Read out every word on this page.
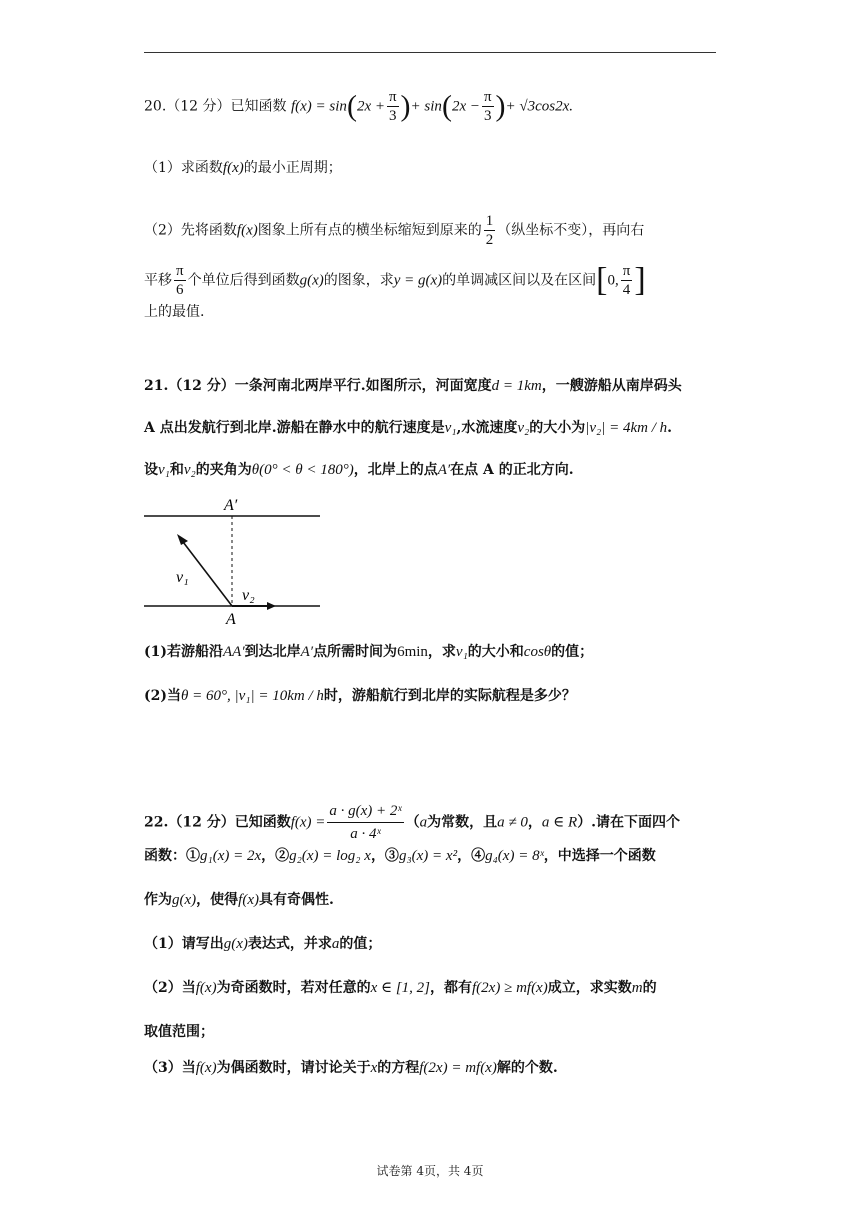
20.（12 分）已知函数 $f(x) = \sin(2x + \frac{\pi}{3}$ )+ $\sin(2x - \frac{\pi}{3}$ )+ √3cos2x.
（1）求函数f(x)的最小正周期；
（2）先将函数f(x)图象上所有点的横坐标缩短到原来的 $\frac{1}{2}$ （纵坐标不变），再向右
平移 $\frac{\pi}{6}$ 个单位后得到函数g(x)的图象，求y = g(x)的单调减区间以及在区间[0, $\frac{\pi}{4}$ ]
上的最值.
21.（12 分）一条河南北两岸平行.如图所示，河面宽度d = 1km，一艘游船从南岸码头
A 点出发航行到北岸.游船在静水中的航行速度是v₁,水流速度v₂的大小为|v₂| = 4km / h.
设v₁和v₂的夹角为θ(0° < θ < 180°)，北岸上的点A′在点 A 的正北方向.
A′
A
v₁
v₂
(1)若游船沿AA′到达北岸A′点所需时间为6min，求v₁的大小和cosθ的值；
(2)当θ = 60°, |v₁| = 10km / h时，游船航行到北岸的实际航程是多少？
22.（12 分）已知函数$f(x) = \frac{\text{a · g(x) + 2ˣ}}{\text{a · 4ˣ}} (a$为常数，且a ≠ 0，a ∈ R）.请在下面四个
函数：①g₁(x) = 2x，②g₂(x) = log₂ x，③g₃(x) = x²，④g₄(x) = 8ˣ，中选择一个函数
作为g(x)，使得f(x)具有奇偶性.
（1）请写出g(x)表达式，并求a的值；
（2）当f(x)为奇函数时，若对任意的x ∈ [1, 2]，都有f(2x) ≥ mf(x)成立，求实数m的
取值范围；
（3）当f(x)为偶函数时，请讨论关于x的方程f(2x) = mf(x)解的个数.
试卷第 4页，共 4页
